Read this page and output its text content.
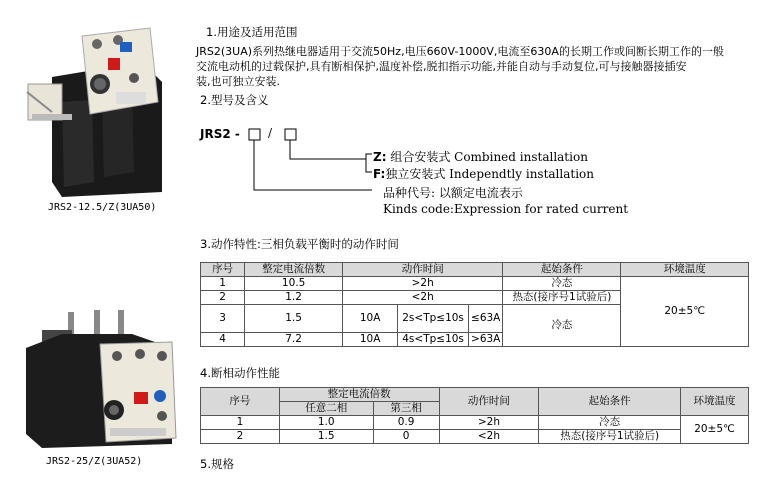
JRS2-12.5/Z(3UA50)
JRS2-25/Z(3UA52)
1.用途及适用范围
JRS2(3UA)系列热继电器适用于交流50Hz,电压660V-1000V,电流至630A的长期工作或间断长期工作的一般
交流电动机的过载保护,具有断相保护,温度补偿,脱扣指示功能,并能自动与手动复位,可与接触器接插安
装,也可独立安装.
2.型号及含义
JRS2 - /
Z: 组合安装式 Combined installation
F:独立安装式 Independtly installation
品种代号: 以额定电流表示
Kinds code:Expression for rated current
3.动作特性:三相负载平衡时的动作时间
序号	整定电流倍数	动作时间			起始条件	环境温度
1	10.5	>2h			冷态	20±5℃
2	1.2	<2h			热态(接序号1试验后)	
3	1.5	10A	2s<Tp≤10s	≤63A	冷态	
4	7.2	10A	4s<Tp≤10s	>63A		
4.断相动作性能
序号	整定电流倍数		动作时间	起始条件	环境温度
	任意二相	第三相			
1	1.0	0.9	>2h	冷态	20±5℃
2	1.5	0	<2h	热态(接序号1试验后)	
5.规格
